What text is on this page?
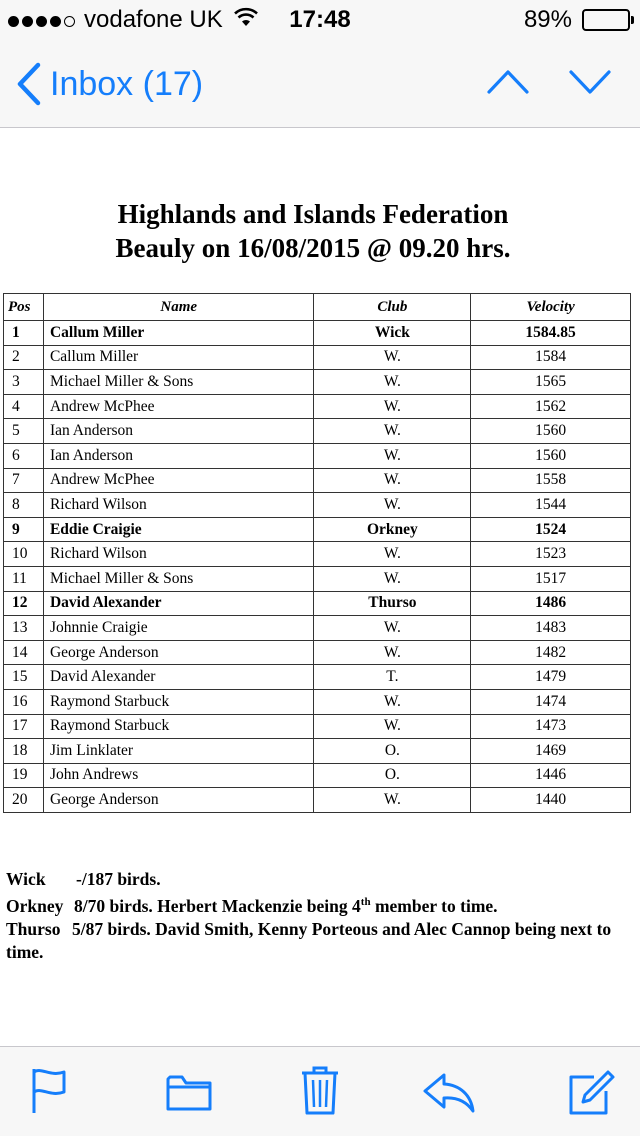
vodafone UK	17:48	89%
Inbox (17)
Highlands and Islands Federation
Beauly on 16/08/2015 @ 09.20 hrs.
Pos	Name	Club	Velocity
1	Callum Miller	Wick	1584.85
2	Callum Miller	W.	1584
3	Michael Miller & Sons	W.	1565
4	Andrew McPhee	W.	1562
5	Ian Anderson	W.	1560
6	Ian Anderson	W.	1560
7	Andrew McPhee	W.	1558
8	Richard Wilson	W.	1544
9	Eddie Craigie	Orkney	1524
10	Richard Wilson	W.	1523
11	Michael Miller & Sons	W.	1517
12	David Alexander	Thurso	1486
13	Johnnie Craigie	W.	1483
14	George Anderson	W.	1482
15	David Alexander	T.	1479
16	Raymond Starbuck	W.	1474
17	Raymond Starbuck	W.	1473
18	Jim Linklater	O.	1469
19	John Andrews	O.	1446
20	George Anderson	W.	1440
Wick -/187 birds.
Orkney 8/70 birds. Herbert Mackenzie being 4th member to time.
Thurso 5/87 birds. David Smith, Kenny Porteous and Alec Cannop being next to time.
